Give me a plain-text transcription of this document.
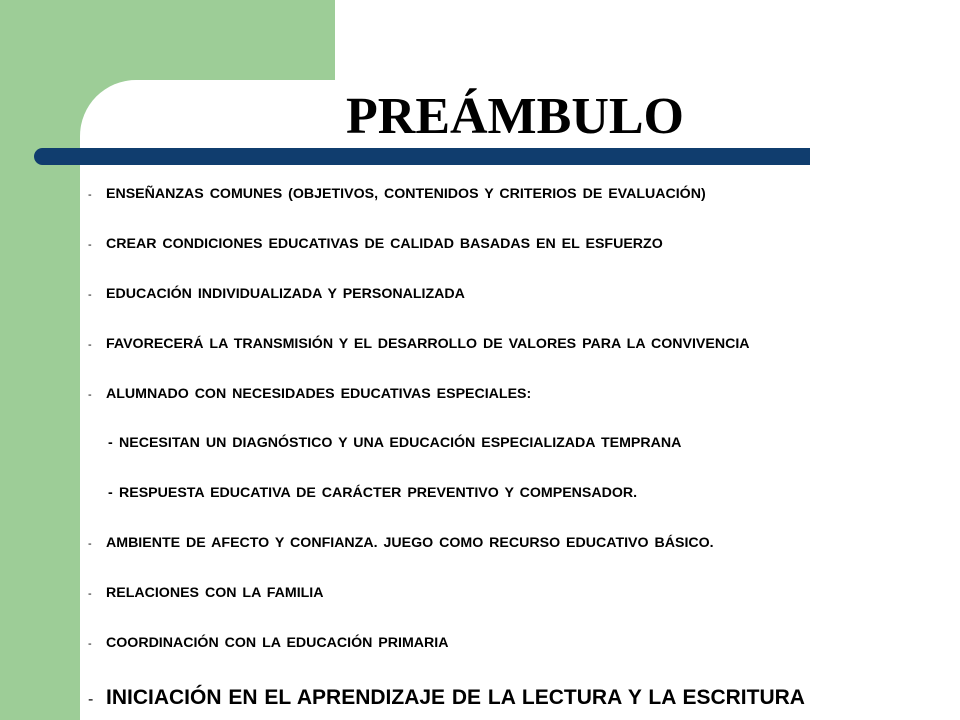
PREÁMBULO
- ENSEÑANZAS COMUNES (OBJETIVOS, CONTENIDOS Y CRITERIOS DE EVALUACIÓN)
- CREAR CONDICIONES EDUCATIVAS DE CALIDAD BASADAS EN EL ESFUERZO
- EDUCACIÓN INDIVIDUALIZADA Y PERSONALIZADA
- FAVORECERÁ LA TRANSMISIÓN Y EL DESARROLLO DE VALORES PARA LA CONVIVENCIA
- ALUMNADO CON NECESIDADES EDUCATIVAS ESPECIALES:
- NECESITAN UN DIAGNÓSTICO Y UNA EDUCACIÓN ESPECIALIZADA TEMPRANA
- RESPUESTA EDUCATIVA DE CARÁCTER PREVENTIVO Y COMPENSADOR.
- AMBIENTE DE AFECTO Y CONFIANZA. JUEGO COMO RECURSO EDUCATIVO BÁSICO.
- RELACIONES CON LA FAMILIA
- COORDINACIÓN CON LA EDUCACIÓN PRIMARIA
- INICIACIÓN EN EL APRENDIZAJE DE LA LECTURA Y LA ESCRITURA
